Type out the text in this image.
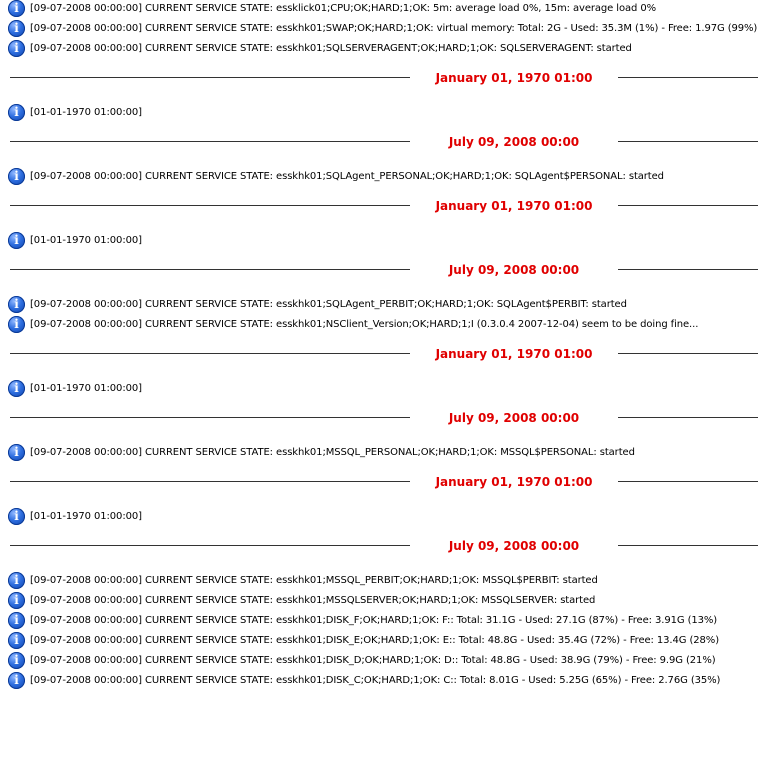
i	[09-07-2008 00:00:00] CURRENT SERVICE STATE: essklick01;CPU;OK;HARD;1;OK: 5m: average load 0%, 15m: average load 0%
i	[09-07-2008 00:00:00] CURRENT SERVICE STATE: esskhk01;SWAP;OK;HARD;1;OK: virtual memory: Total: 2G - Used: 35.3M (1%) - Free: 1.97G (99%)
i	[09-07-2008 00:00:00] CURRENT SERVICE STATE: esskhk01;SQLSERVERAGENT;OK;HARD;1;OK: SQLSERVERAGENT: started
January 01, 1970 01:00
i	[01-01-1970 01:00:00]
July 09, 2008 00:00
i	[09-07-2008 00:00:00] CURRENT SERVICE STATE: esskhk01;SQLAgent_PERSONAL;OK;HARD;1;OK: SQLAgent$PERSONAL: started
January 01, 1970 01:00
i	[01-01-1970 01:00:00]
July 09, 2008 00:00
i	[09-07-2008 00:00:00] CURRENT SERVICE STATE: esskhk01;SQLAgent_PERBIT;OK;HARD;1;OK: SQLAgent$PERBIT: started
i	[09-07-2008 00:00:00] CURRENT SERVICE STATE: esskhk01;NSClient_Version;OK;HARD;1;I (0.3.0.4 2007-12-04) seem to be doing fine...
January 01, 1970 01:00
i	[01-01-1970 01:00:00]
July 09, 2008 00:00
i	[09-07-2008 00:00:00] CURRENT SERVICE STATE: esskhk01;MSSQL_PERSONAL;OK;HARD;1;OK: MSSQL$PERSONAL: started
January 01, 1970 01:00
i	[01-01-1970 01:00:00]
July 09, 2008 00:00
i	[09-07-2008 00:00:00] CURRENT SERVICE STATE: esskhk01;MSSQL_PERBIT;OK;HARD;1;OK: MSSQL$PERBIT: started
i	[09-07-2008 00:00:00] CURRENT SERVICE STATE: esskhk01;MSSQLSERVER;OK;HARD;1;OK: MSSQLSERVER: started
i	[09-07-2008 00:00:00] CURRENT SERVICE STATE: esskhk01;DISK_F;OK;HARD;1;OK: F:: Total: 31.1G - Used: 27.1G (87%) - Free: 3.91G (13%)
i	[09-07-2008 00:00:00] CURRENT SERVICE STATE: esskhk01;DISK_E;OK;HARD;1;OK: E:: Total: 48.8G - Used: 35.4G (72%) - Free: 13.4G (28%)
i	[09-07-2008 00:00:00] CURRENT SERVICE STATE: esskhk01;DISK_D;OK;HARD;1;OK: D:: Total: 48.8G - Used: 38.9G (79%) - Free: 9.9G (21%)
i	[09-07-2008 00:00:00] CURRENT SERVICE STATE: esskhk01;DISK_C;OK;HARD;1;OK: C:: Total: 8.01G - Used: 5.25G (65%) - Free: 2.76G (35%)
